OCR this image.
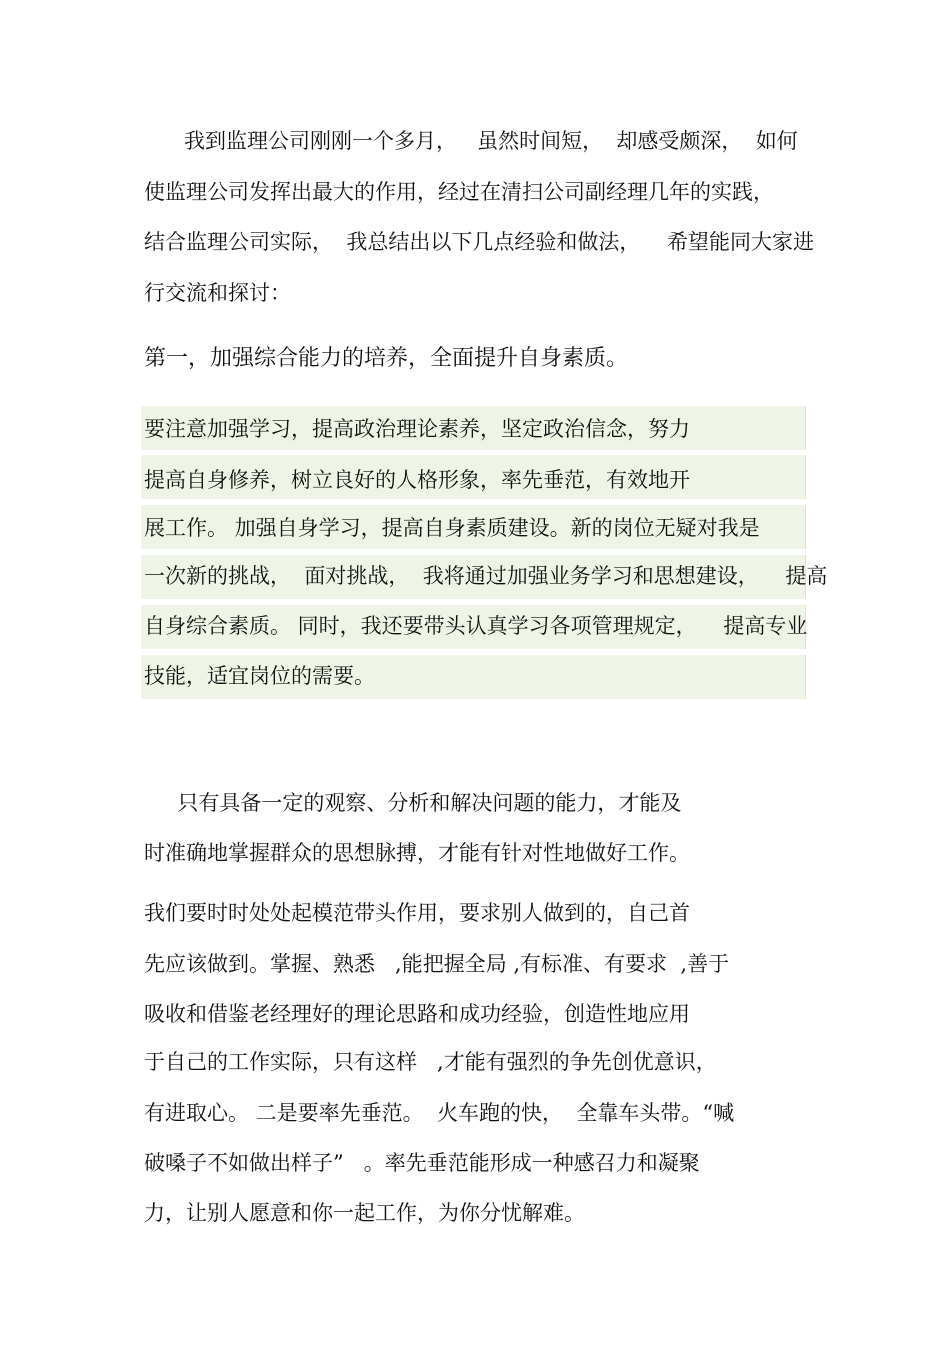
我到监理公司刚刚一个多月，   虽然时间短，  却感受颇深，  如何

使监理公司发挥出最大的作用，经过在清扫公司副经理几年的实践，

结合监理公司实际，  我总结出以下几点经验和做法，    希望能同大家进

行交流和探讨：

第一，加强综合能力的培养，全面提升自身素质。

要注意加强学习，提高政治理论素养，坚定政治信念，努力

提高自身修养，树立良好的人格形象，率先垂范，有效地开

展工作。 加强自身学习，提高自身素质建设。新的岗位无疑对我是

一次新的挑战，  面对挑战，  我将通过加强业务学习和思想建设，    提高

自身综合素质。 同时，我还要带头认真学习各项管理规定，    提高专业

技能，适宜岗位的需要。

只有具备一定的观察、分析和解决问题的能力，才能及

时准确地掌握群众的思想脉搏，才能有针对性地做好工作。

我们要时时处处起模范带头作用，要求别人做到的，自己首

先应该做到。掌握、熟悉   ,能把握全局 ,有标准、有要求  ,善于

吸收和借鉴老经理好的理论思路和成功经验，创造性地应用

于自己的工作实际，只有这样   ,才能有强烈的争先创优意识，

有进取心。 二是要率先垂范。  火车跑的快，  全靠车头带。“喊

破嗓子不如做出样子”   。率先垂范能形成一种感召力和凝聚

力，让别人愿意和你一起工作，为你分忧解难。
